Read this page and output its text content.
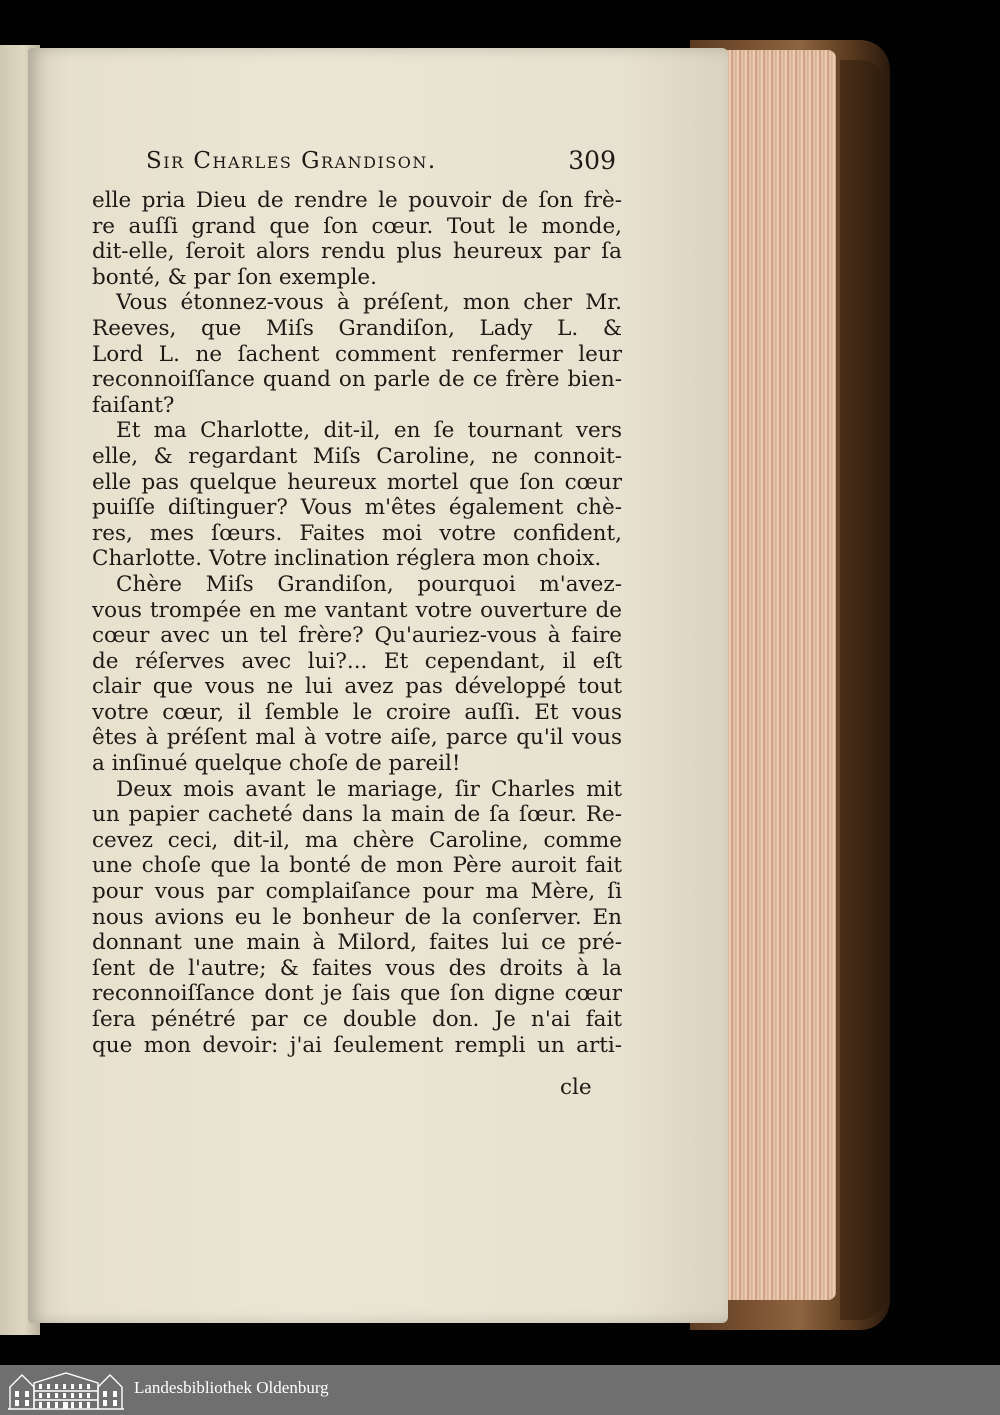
Sir Charles Grandison.	309
elle pria Dieu de rendre le pouvoir de ſon frè-
re auſſi grand que ſon cœur. Tout le monde,
dit-elle, ſeroit alors rendu plus heureux par ſa
bonté, & par ſon exemple.
Vous étonnez-vous à préſent, mon cher Mr.
Reeves, que Miſs Grandiſon, Lady L. &
Lord L. ne ſachent comment renfermer leur
reconnoiſſance quand on parle de ce frère bien-
faiſant?
Et ma Charlotte, dit-il, en ſe tournant vers
elle, & regardant Miſs Caroline, ne connoit-
elle pas quelque heureux mortel que ſon cœur
puiſſe diſtinguer? Vous m'êtes également chè-
res, mes ſœurs. Faites moi votre confident,
Charlotte. Votre inclination réglera mon choix.
Chère Miſs Grandiſon, pourquoi m'avez-
vous trompée en me vantant votre ouverture de
cœur avec un tel frère? Qu'auriez-vous à faire
de réſerves avec lui?... Et cependant, il eſt
clair que vous ne lui avez pas développé tout
votre cœur, il ſemble le croire auſſi. Et vous
êtes à préſent mal à votre aiſe, parce qu'il vous
a inſinué quelque choſe de pareil!
Deux mois avant le mariage, ſir Charles mit
un papier cacheté dans la main de ſa ſœur. Re-
cevez ceci, dit-il, ma chère Caroline, comme
une choſe que la bonté de mon Père auroit fait
pour vous par complaiſance pour ma Mère, ſi
nous avions eu le bonheur de la conſerver. En
donnant une main à Milord, faites lui ce pré-
ſent de l'autre; & faites vous des droits à la
reconnoiſſance dont je ſais que ſon digne cœur
ſera pénétré par ce double don. Je n'ai fait
que mon devoir: j'ai ſeulement rempli un arti-
cle
Landesbibliothek Oldenburg
